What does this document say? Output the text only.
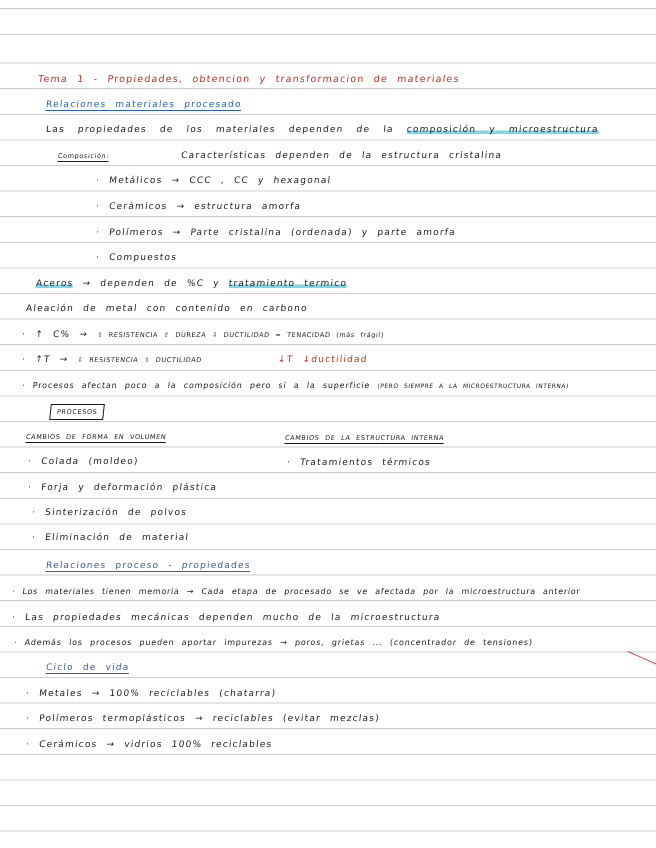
Tema 1 - Propiedades, obtencion y transformacion de materiales
Relaciones materiales procesado
Las propiedades de los materiales dependen de la composición y microestructura
Composición:	Características dependen de la estructura cristalina
· Metálicos → CCC , CC y hexagonal
· Cerámicos → estructura amorfa
· Polímeros → Parte cristalina (ordenada) y parte amorfa
· Compuestos
Aceros → dependen de %C y tratamiento termico
Aleación de metal con contenido en carbono
· ↑ C% → ⇧ RESISTENCIA ⇧ DUREZA ⇩ DUCTILIDAD = TENACIDAD (más frágil)
· ↑T → ⇩ RESISTENCIA ⇧ DUCTILIDAD	↓T ↓ductilidad
· Procesos afectan poco a la composición pero sí a la superficie (PERO SIEMPRE A LA MICROESTRUCTURA INTERNA)
PROCESOS
CAMBIOS DE FORMA EN VOLUMEN	CAMBIOS DE LA ESTRUCTURA INTERNA
· Colada (moldeo)	· Tratamientos térmicos
· Forja y deformación plástica
· Sinterización de polvos
· Eliminación de material
Relaciones proceso - propiedades
· Los materiales tienen memoria → Cada etapa de procesado se ve afectada por la microestructura anterior
· Las propiedades mecánicas dependen mucho de la microestructura
· Además los procesos pueden aportar impurezas → poros, grietas ... (concentrador de tensiones)
Ciclo de vida
· Metales → 100% reciclables (chatarra)
· Polímeros termoplásticos → reciclables (evitar mezclas)
· Cerámicos → vidrios 100% reciclables
